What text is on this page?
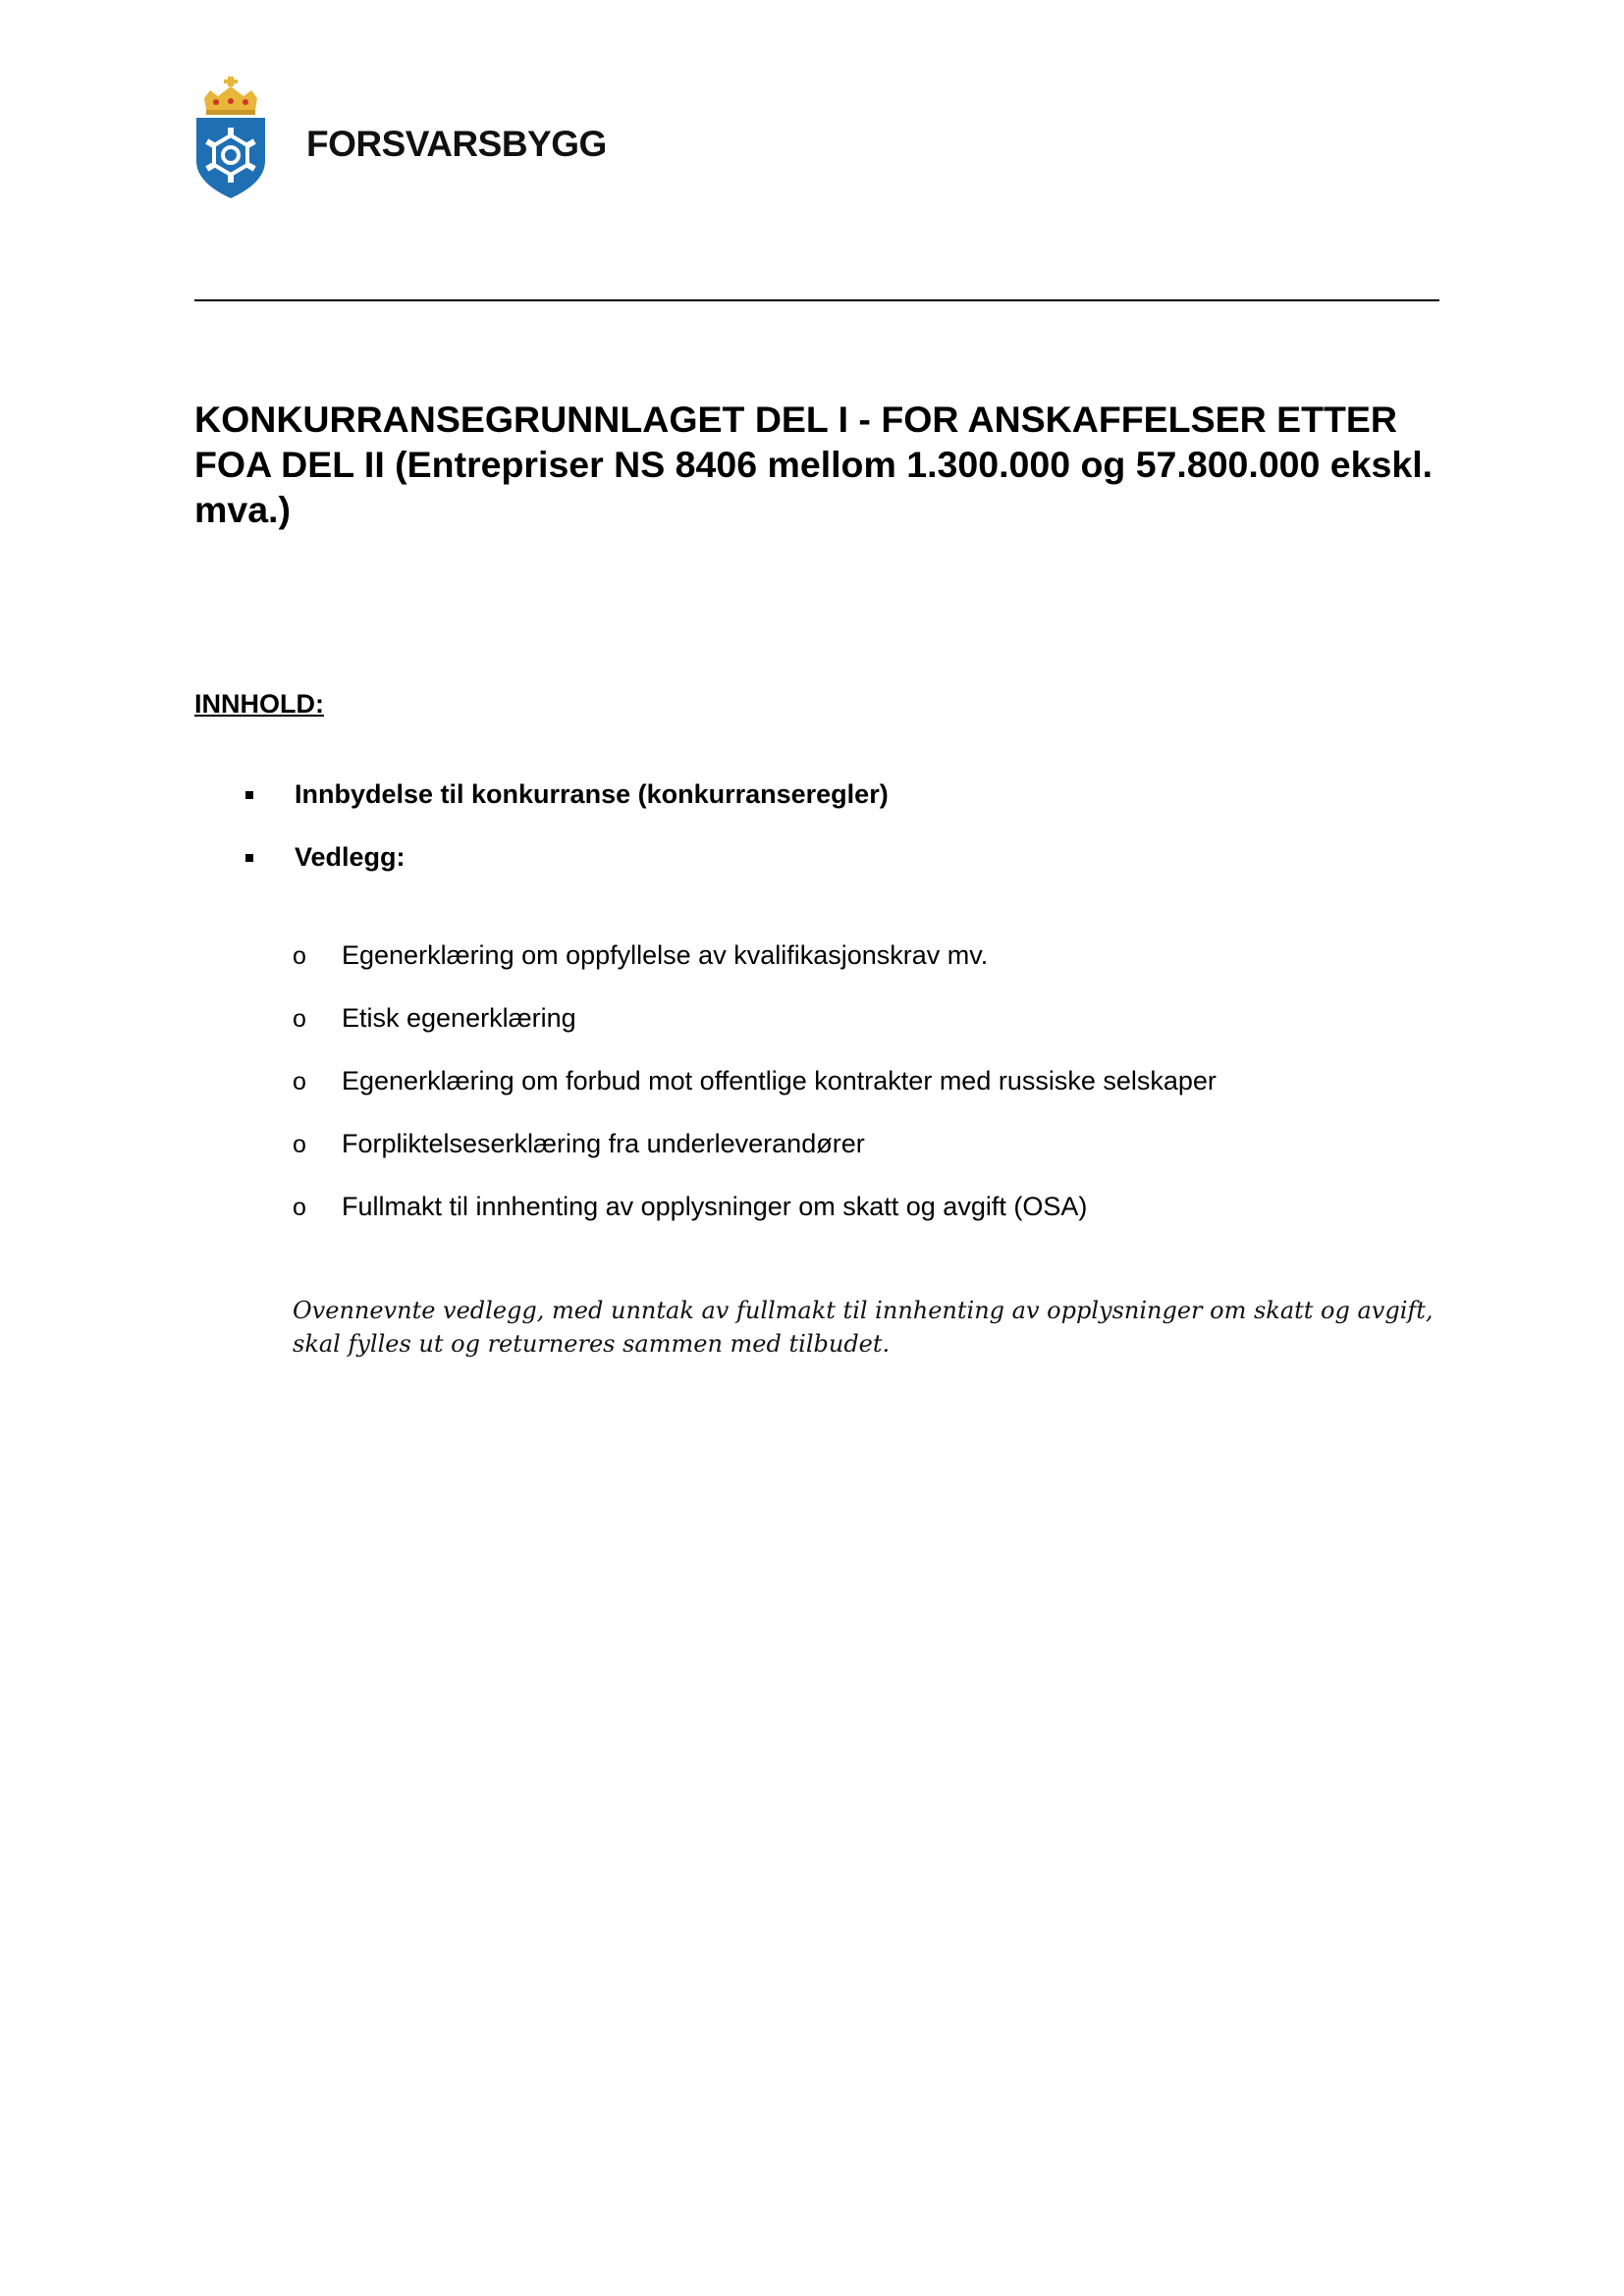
FORSVARSBYGG
KONKURRANSEGRUNNLAGET DEL I - FOR ANSKAFFELSER ETTER FOA DEL II (Entrepriser NS 8406 mellom 1.300.000 og 57.800.000 ekskl. mva.)
INNHOLD:
Innbydelse til konkurranse (konkurranseregler)
Vedlegg:
o	Egenerklæring om oppfyllelse av kvalifikasjonskrav mv.
o	Etisk egenerklæring
o	Egenerklæring om forbud mot offentlige kontrakter med russiske selskaper
o	Forpliktelseserklæring fra underleverandører
o	Fullmakt til innhenting av opplysninger om skatt og avgift (OSA)

Ovennevnte vedlegg, med unntak av fullmakt til innhenting av opplysninger om skatt og avgift, skal fylles ut og returneres sammen med tilbudet.
